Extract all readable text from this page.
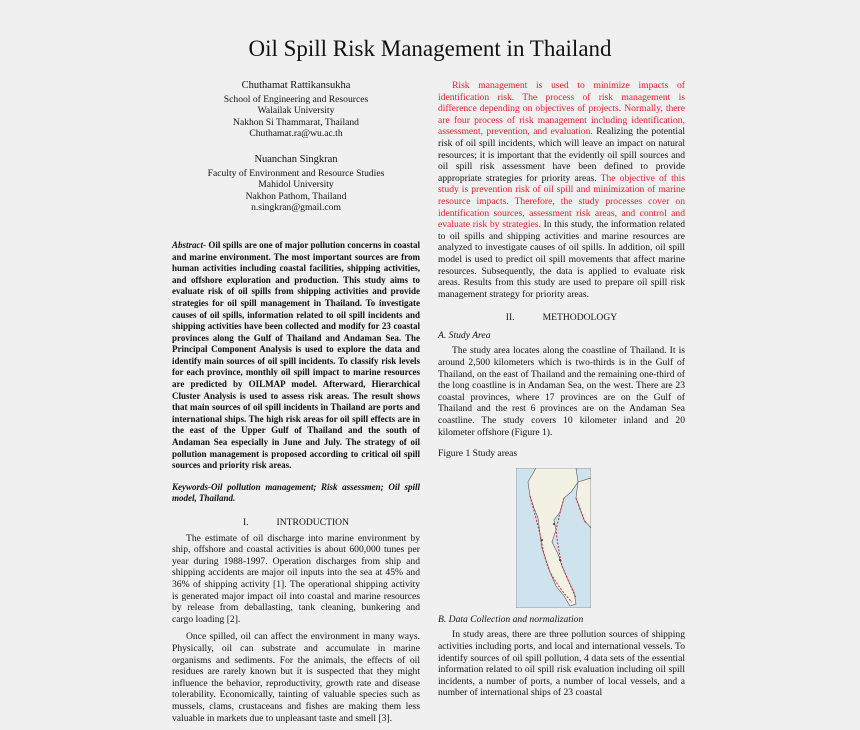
Oil Spill Risk Management in Thailand
Chuthamat Rattikansukha
School of Engineering and Resources
Walailak University
Nakhon Si Thammarat, Thailand
Chuthamat.ra@wu.ac.th
Nuanchan Singkran
Faculty of Environment and Resource Studies
Mahidol University
Nakhon Pathom, Thailand
n.singkran@gmail.com
Abstract- Oil spills are one of major pollution concerns in coastal and marine environment. The most important sources are from human activities including coastal facilities, shipping activities, and offshore exploration and production. This study aims to evaluate risk of oil spills from shipping activities and provide strategies for oil spill management in Thailand. To investigate causes of oil spills, information related to oil spill incidents and shipping activities have been collected and modify for 23 coastal provinces along the Gulf of Thailand and Andaman Sea. The Principal Component Analysis is used to explore the data and identify main sources of oil spill incidents. To classify risk levels for each province, monthly oil spill impact to marine resources are predicted by OILMAP model. Afterward, Hierarchical Cluster Analysis is used to assess risk areas. The result shows that main sources of oil spill incidents in Thailand are ports and international ships. The high risk areas for oil spill effects are in the east of the Upper Gulf of Thailand and the south of Andaman Sea especially in June and July. The strategy of oil pollution management is proposed according to critical oil spill sources and priority risk areas.
Keywords-Oil pollution management; Risk assessmen; Oil spill model, Thailand.
I.	INTRODUCTION

The estimate of oil discharge into marine environment by ship, offshore and coastal activities is about 600,000 tunes per year during 1988-1997. Operation discharges from ship and shipping accidents are major oil inputs into the sea at 45% and 36% of shipping activity [1]. The operational shipping activity is generated major impact oil into coastal and marine resources by release from deballasting, tank cleaning, bunkering and cargo loading [2].

Once spilled, oil can affect the environment in many ways. Physically, oil can substrate and accumulate in marine organisms and sediments. For the animals, the effects of oil residues are rarely known but it is suspected that they might influence the behavior, reproductivity, growth rate and disease tolerability. Economically, tainting of valuable species such as mussels, clams, crustaceans and fishes are making them less valuable in markets due to unpleasant taste and smell [3].

Risk management is used to minimize impacts of identification risk. The process of risk management is difference depending on objectives of projects. Normally, there are four process of risk management including identification, assessment, prevention, and evaluation. Realizing the potential risk of oil spill incidents, which will leave an impact on natural resources; it is important that the evidently oil spill sources and oil spill risk assessment have been defined to provide appropriate strategies for priority areas. The objective of this study is prevention risk of oil spill and minimization of marine resource impacts. Therefore, the study processes cover on identification sources, assessment risk areas, and control and evaluate risk by strategies. In this study, the information related to oil spills and shipping activities and marine resources are analyzed to investigate causes of oil spills. In addition, oil spill model is used to predict oil spill movements that affect marine resources. Subsequently, the data is applied to evaluate risk areas. Results from this study are used to prepare oil spill risk management strategy for priority areas.

II.	METHODOLOGY
A. Study Area

The study area locates along the coastline of Thailand. It is around 2,500 kilometers which is two-thirds is in the Gulf of Thailand, on the east of Thailand and the remaining one-third of the long coastline is in Andaman Sea, on the west. There are 23 coastal provinces, where 17 provinces are on the Gulf of Thailand and the rest 6 provinces are on the Andaman Sea coastline. The study covers 10 kilometer inland and 20 kilometer offshore (Figure 1).

Figure 1 Study areas
B. Data Collection and normalization

In study areas, there are three pollution sources of shipping activities including ports, and local and international vessels. To identify sources of oil spill pollution, 4 data sets of the essential information related to oil spill risk evaluation including oil spill incidents, a number of ports, a number of local vessels, and a number of international ships of 23 coastal
